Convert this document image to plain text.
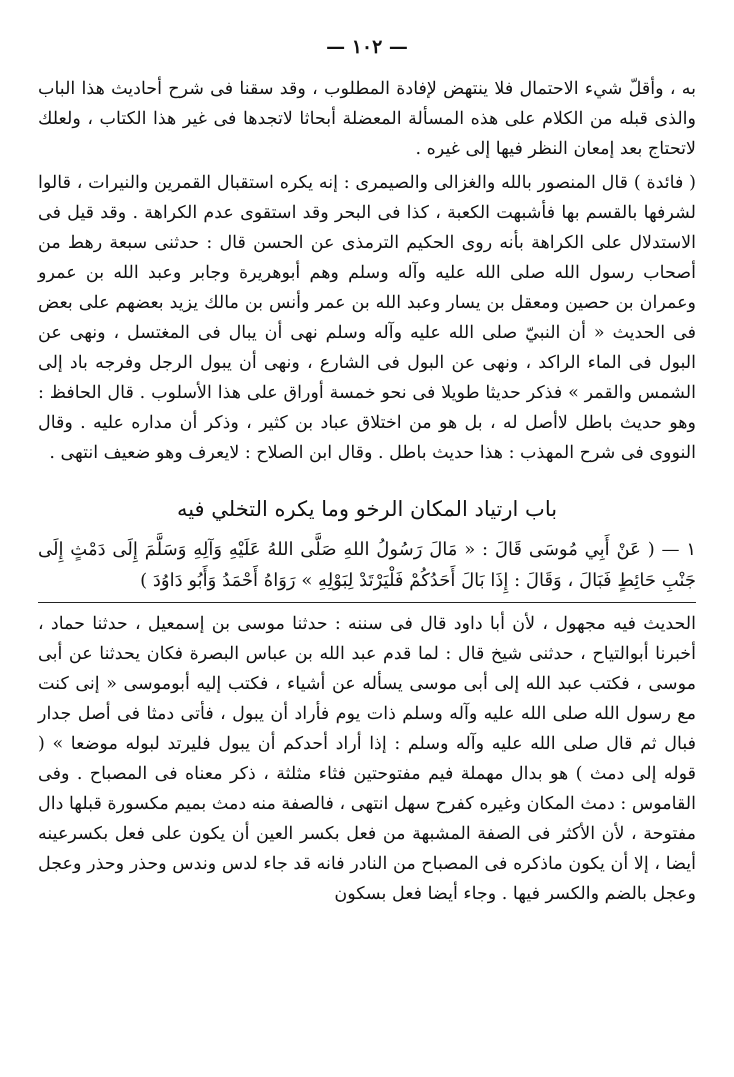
— ١٠٢ —

به ، وأقلّ شيء الاحتمال فلا ينتهض لإفادة المطلوب ، وقد سقنا فى شرح أحاديث هذا الباب والذى قبله من الكلام على هذه المسألة المعضلة أبحاثا لاتجدها فى غير هذا الكتاب ، ولعلك لاتحتاج بعد إمعان النظر فيها إلى غيره .

( فائدة ) قال المنصور بالله والغزالى والصيمرى : إنه يكره استقبال القمرين والنيرات ، قالوا لشرفها بالقسم بها فأشبهت الكعبة ، كذا فى البحر وقد استقوى عدم الكراهة . وقد قيل فى الاستدلال على الكراهة بأنه روى الحكيم الترمذى عن الحسن قال : حدثنى سبعة رهط من أصحاب رسول الله صلى الله عليه وآله وسلم وهم أبوهريرة وجابر وعبد الله بن عمرو وعمران بن حصين ومعقل بن يسار وعبد الله بن عمر وأنس بن مالك يزيد بعضهم على بعض فى الحديث « أن النبيّ صلى الله عليه وآله وسلم نهى أن يبال فى المغتسل ، ونهى عن البول فى الماء الراكد ، ونهى عن البول فى الشارع ، ونهى أن يبول الرجل وفرجه باد إلى الشمس والقمر » فذكر حديثا طويلا فى نحو خمسة أوراق على هذا الأسلوب . قال الحافظ : وهو حديث باطل لاأصل له ، بل هو من اختلاق عباد بن كثير ، وذكر أن مداره عليه . وقال النووى فى شرح المهذب : هذا حديث باطل . وقال ابن الصلاح : لايعرف وهو ضعيف انتهى .

باب ارتياد المكان الرخو وما يكره التخلي فيه

١ — ( عَنْ أَبِي مُوسَى قَالَ : « مَالَ رَسُولُ اللهِ صَلَّى اللهُ عَلَيْهِ وَآلِهِ وَسَلَّمَ إِلَى دَمْثٍ إِلَى جَنْبِ حَائِطٍ فَبَالَ ، وَقَالَ : إِذَا بَالَ أَحَدُكُمْ فَلْيَرْتَدْ لِبَوْلِهِ » رَوَاهُ أَحْمَدُ وَأَبُو دَاوُدَ )

الحديث فيه مجهول ، لأن أبا داود قال فى سننه : حدثنا موسى بن إسمعيل ، حدثنا حماد ، أخبرنا أبوالتياح ، حدثنى شيخ قال : لما قدم عبد الله بن عباس البصرة فكان يحدثنا عن أبى موسى ، فكتب عبد الله إلى أبى موسى يسأله عن أشياء ، فكتب إليه أبوموسى « إنى كنت مع رسول الله صلى الله عليه وآله وسلم ذات يوم فأراد أن يبول ، فأتى دمثا فى أصل جدار فبال ثم قال صلى الله عليه وآله وسلم : إذا أراد أحدكم أن يبول فليرتد لبوله موضعا » ( قوله إلى دمث ) هو بدال مهملة فيم مفتوحتين فثاء مثلثة ، ذكر معناه فى المصباح . وفى القاموس : دمث المكان وغيره كفرح سهل انتهى ، فالصفة منه دمث بميم مكسورة قبلها دال مفتوحة ، لأن الأكثر فى الصفة المشبهة من فعل بكسر العين أن يكون على فعل بكسرعينه أيضا ، إلا أن يكون ماذكره فى المصباح من النادر فانه قد جاء لدس وندس وحذر وحذر وعجل وعجل بالضم والكسر فيها . وجاء أيضا فعل بسكون
